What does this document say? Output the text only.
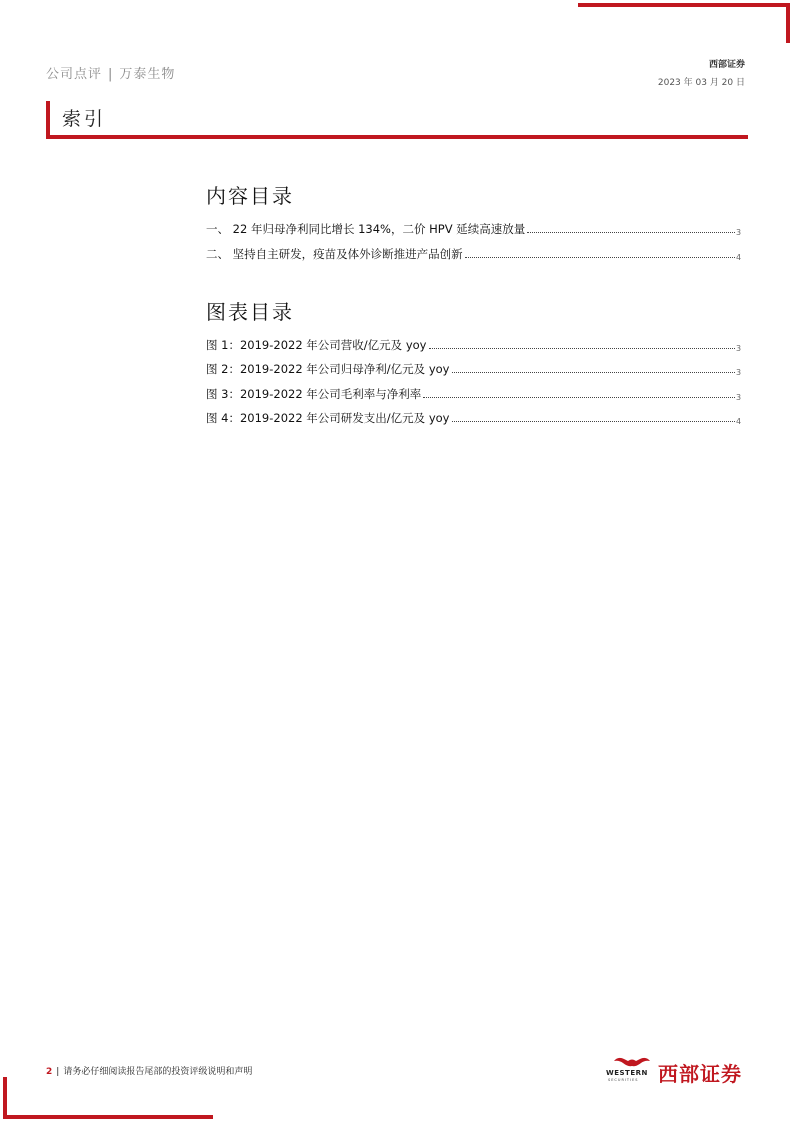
公司点评 | 万泰生物
西部证券
2023 年 03 月 20 日
索引
内容目录
一、 22 年归母净利同比增长 134%，二价 HPV 延续高速放量	3
二、 坚持自主研发，疫苗及体外诊断推进产品创新	4
图表目录
图 1：2019-2022 年公司营收/亿元及 yoy	3
图 2：2019-2022 年公司归母净利/亿元及 yoy	3
图 3：2019-2022 年公司毛利率与净利率	3
图 4：2019-2022 年公司研发支出/亿元及 yoy	4
2 | 请务必仔细阅读报告尾部的投资评级说明和声明	WESTERN
SECURITIES 西部证券
